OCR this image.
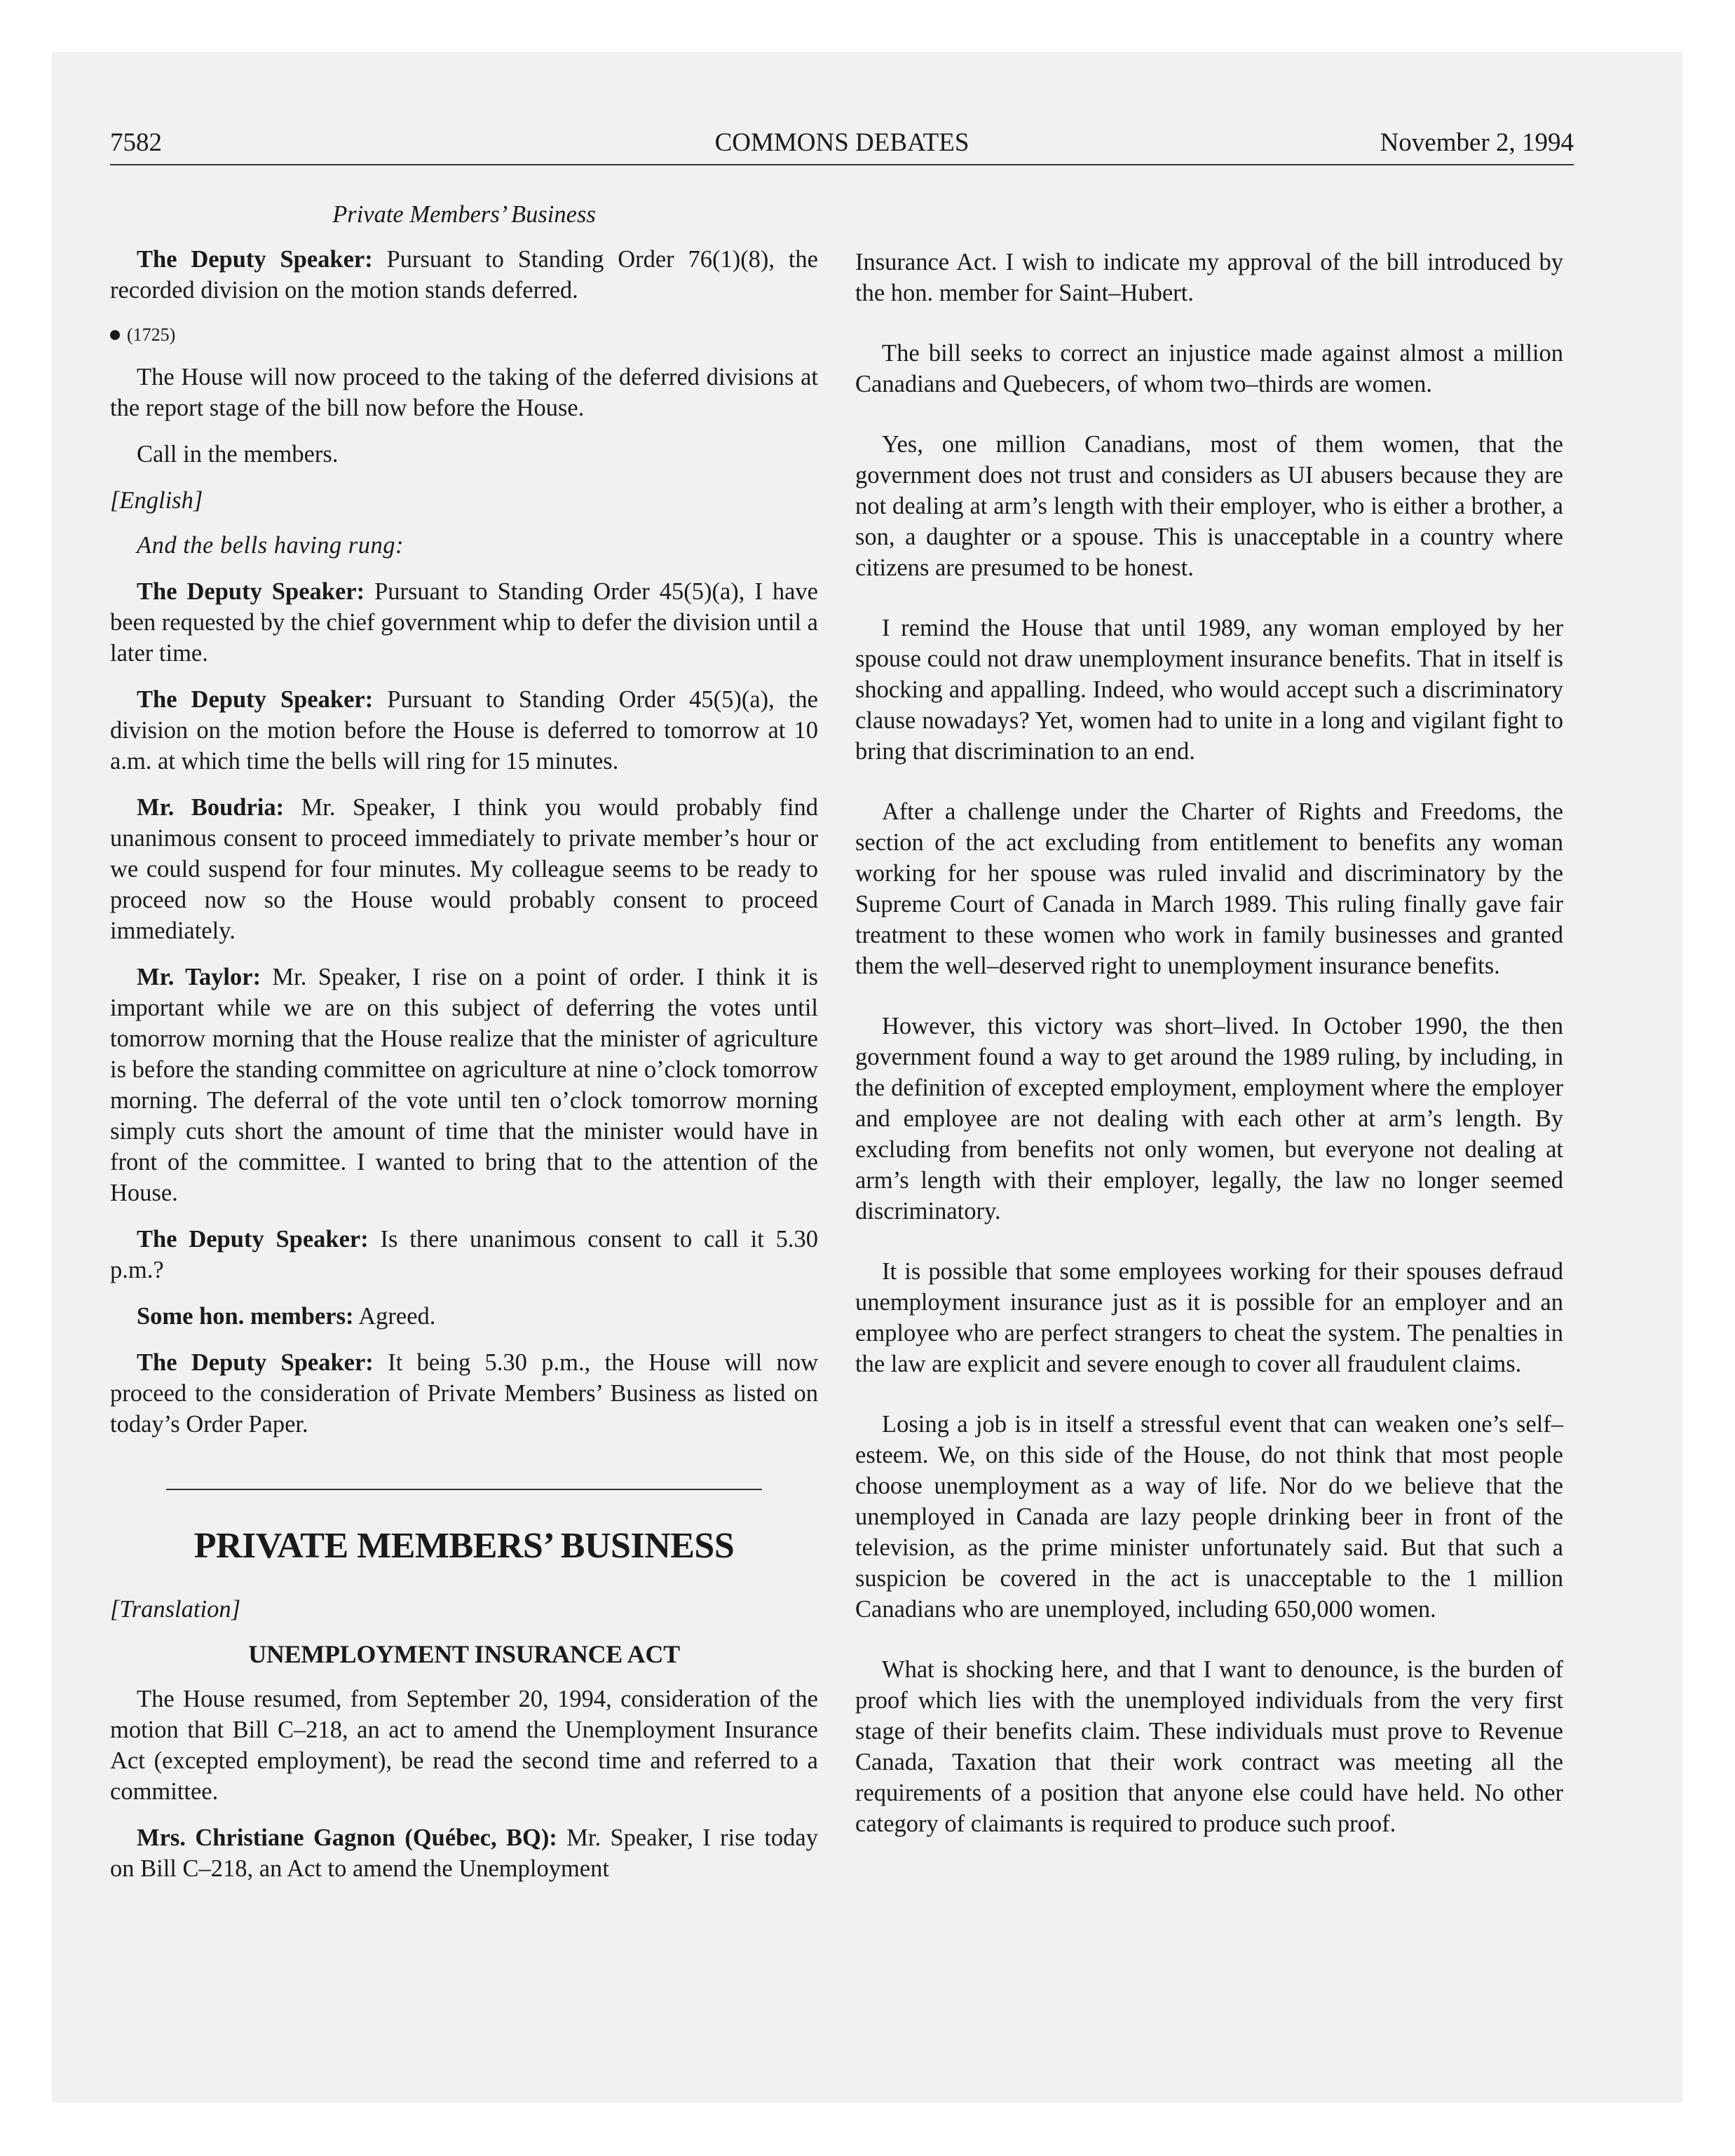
7582	COMMONS DEBATES	November 2, 1994
Private Members’ Business

The Deputy Speaker: Pursuant to Standing Order 76(1)(8), the recorded division on the motion stands deferred.

(1725)

The House will now proceed to the taking of the deferred divisions at the report stage of the bill now before the House.

Call in the members.

[English]
And the bells having rung:

The Deputy Speaker: Pursuant to Standing Order 45(5)(a), I have been requested by the chief government whip to defer the division until a later time.

The Deputy Speaker: Pursuant to Standing Order 45(5)(a), the division on the motion before the House is deferred to tomorrow at 10 a.m. at which time the bells will ring for 15 minutes.

Mr. Boudria: Mr. Speaker, I think you would probably find unanimous consent to proceed immediately to private member’s hour or we could suspend for four minutes. My colleague seems to be ready to proceed now so the House would probably consent to proceed immediately.

Mr. Taylor: Mr. Speaker, I rise on a point of order. I think it is important while we are on this subject of deferring the votes until tomorrow morning that the House realize that the minister of agriculture is before the standing committee on agriculture at nine o’clock tomorrow morning. The deferral of the vote until ten o’clock tomorrow morning simply cuts short the amount of time that the minister would have in front of the committee. I wanted to bring that to the attention of the House.

The Deputy Speaker: Is there unanimous consent to call it 5.30 p.m.?

Some hon. members: Agreed.

The Deputy Speaker: It being 5.30 p.m., the House will now proceed to the consideration of Private Members’ Business as listed on today’s Order Paper.

PRIVATE MEMBERS’ BUSINESS
[Translation]
UNEMPLOYMENT INSURANCE ACT

The House resumed, from September 20, 1994, consideration of the motion that Bill C–218, an act to amend the Unemployment Insurance Act (excepted employment), be read the second time and referred to a committee.

Mrs. Christiane Gagnon (Québec, BQ): Mr. Speaker, I rise today on Bill C–218, an Act to amend the Unemployment

Insurance Act. I wish to indicate my approval of the bill introduced by the hon. member for Saint–Hubert.

The bill seeks to correct an injustice made against almost a million Canadians and Quebecers, of whom two–thirds are women.

Yes, one million Canadians, most of them women, that the government does not trust and considers as UI abusers because they are not dealing at arm’s length with their employer, who is either a brother, a son, a daughter or a spouse. This is unacceptable in a country where citizens are presumed to be honest.

I remind the House that until 1989, any woman employed by her spouse could not draw unemployment insurance benefits. That in itself is shocking and appalling. Indeed, who would accept such a discriminatory clause nowadays? Yet, women had to unite in a long and vigilant fight to bring that discrimination to an end.

After a challenge under the Charter of Rights and Freedoms, the section of the act excluding from entitlement to benefits any woman working for her spouse was ruled invalid and discriminatory by the Supreme Court of Canada in March 1989. This ruling finally gave fair treatment to these women who work in family businesses and granted them the well–deserved right to unemployment insurance benefits.

However, this victory was short–lived. In October 1990, the then government found a way to get around the 1989 ruling, by including, in the definition of excepted employment, employment where the employer and employee are not dealing with each other at arm’s length. By excluding from benefits not only women, but everyone not dealing at arm’s length with their employer, legally, the law no longer seemed discriminatory.

It is possible that some employees working for their spouses defraud unemployment insurance just as it is possible for an employer and an employee who are perfect strangers to cheat the system. The penalties in the law are explicit and severe enough to cover all fraudulent claims.

Losing a job is in itself a stressful event that can weaken one’s self–esteem. We, on this side of the House, do not think that most people choose unemployment as a way of life. Nor do we believe that the unemployed in Canada are lazy people drinking beer in front of the television, as the prime minister unfortunately said. But that such a suspicion be covered in the act is unacceptable to the 1 million Canadians who are unemployed, including 650,000 women.

What is shocking here, and that I want to denounce, is the burden of proof which lies with the unemployed individuals from the very first stage of their benefits claim. These individuals must prove to Revenue Canada, Taxation that their work contract was meeting all the requirements of a position that anyone else could have held. No other category of claimants is required to produce such proof.
